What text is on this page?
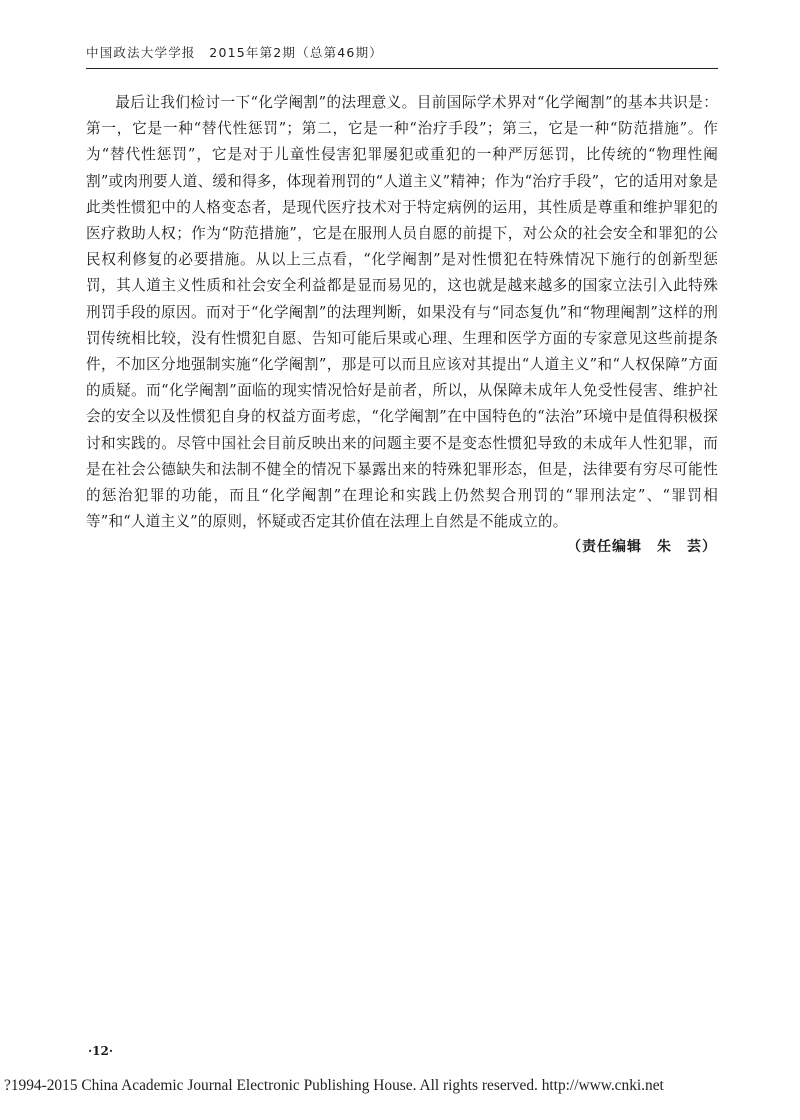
中国政法大学学报　2015年第2期（总第46期）

最后让我们检讨一下“化学阉割”的法理意义。目前国际学术界对“化学阉割”的基本共识是：第一，它是一种“替代性惩罚”；第二，它是一种“治疗手段”；第三，它是一种“防范措施”。作为“替代性惩罚”，它是对于儿童性侵害犯罪屡犯或重犯的一种严厉惩罚，比传统的“物理性阉割”或肉刑要人道、缓和得多，体现着刑罚的“人道主义”精神；作为“治疗手段”，它的适用对象是此类性惯犯中的人格变态者，是现代医疗技术对于特定病例的运用，其性质是尊重和维护罪犯的医疗救助人权；作为“防范措施”，它是在服刑人员自愿的前提下，对公众的社会安全和罪犯的公民权利修复的必要措施。从以上三点看，“化学阉割”是对性惯犯在特殊情况下施行的创新型惩罚，其人道主义性质和社会安全利益都是显而易见的，这也就是越来越多的国家立法引入此特殊刑罚手段的原因。而对于“化学阉割”的法理判断，如果没有与“同态复仇”和“物理阉割”这样的刑罚传统相比较，没有性惯犯自愿、告知可能后果或心理、生理和医学方面的专家意见这些前提条件，不加区分地强制实施“化学阉割”，那是可以而且应该对其提出“人道主义”和“人权保障”方面的质疑。而“化学阉割”面临的现实情况恰好是前者，所以，从保障未成年人免受性侵害、维护社会的安全以及性惯犯自身的权益方面考虑，“化学阉割”在中国特色的“法治”环境中是值得积极探讨和实践的。尽管中国社会目前反映出来的问题主要不是变态性惯犯导致的未成年人性犯罪，而是在社会公德缺失和法制不健全的情况下暴露出来的特殊犯罪形态，但是，法律要有穷尽可能性的惩治犯罪的功能，而且“化学阉割”在理论和实践上仍然契合刑罚的“罪刑法定”、“罪罚相等”和“人道主义”的原则，怀疑或否定其价值在法理上自然是不能成立的。

（责任编辑　朱　芸）
·12·
?1994-2015 China Academic Journal Electronic Publishing House. All rights reserved. http://www.cnki.net
